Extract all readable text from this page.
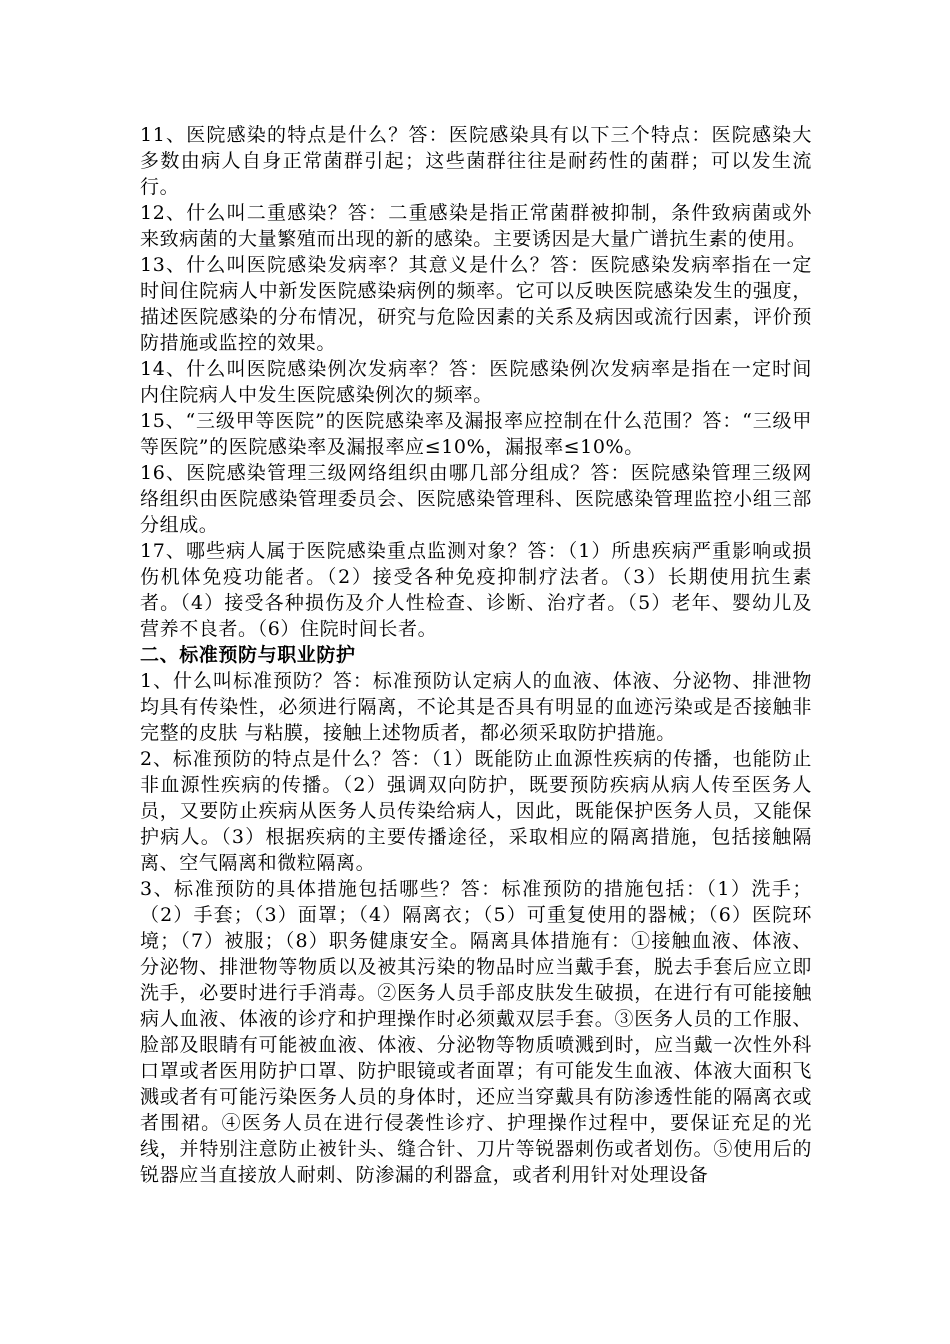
11、医院感染的特点是什么？答：医院感染具有以下三个特点：医院感染大多数由病人自身正常菌群引起；这些菌群往往是耐药性的菌群；可以发生流行。

12、什么叫二重感染？答：二重感染是指正常菌群被抑制，条件致病菌或外来致病菌的大量繁殖而出现的新的感染。主要诱因是大量广谱抗生素的使用。

13、什么叫医院感染发病率？其意义是什么？答：医院感染发病率指在一定时间住院病人中新发医院感染病例的频率。它可以反映医院感染发生的强度，描述医院感染的分布情况，研究与危险因素的关系及病因或流行因素，评价预防措施或监控的效果。

14、什么叫医院感染例次发病率？答：医院感染例次发病率是指在一定时间内住院病人中发生医院感染例次的频率。

15、“三级甲等医院”的医院感染率及漏报率应控制在什么范围？答：“三级甲等医院”的医院感染率及漏报率应≤10%，漏报率≤10%。

16、医院感染管理三级网络组织由哪几部分组成？答：医院感染管理三级网络组织由医院感染管理委员会、医院感染管理科、医院感染管理监控小组三部分组成。

17、哪些病人属于医院感染重点监测对象？答：（1）所患疾病严重影响或损伤机体免疫功能者。（2）接受各种免疫抑制疗法者。（3）长期使用抗生素者。（4）接受各种损伤及介人性检查、诊断、治疗者。（5）老年、婴幼儿及营养不良者。（6）住院时间长者。

二、标准预防与职业防护

1、什么叫标准预防？答：标准预防认定病人的血液、体液、分泌物、排泄物均具有传染性，必须进行隔离，不论其是否具有明显的血迹污染或是否接触非完整的皮肤 与粘膜，接触上述物质者，都必须采取防护措施。

2、标准预防的特点是什么？答：（1）既能防止血源性疾病的传播，也能防止非血源性疾病的传播。（2）强调双向防护，既要预防疾病从病人传至医务人员，又要防止疾病从医务人员传染给病人，因此，既能保护医务人员，又能保护病人。（3）根据疾病的主要传播途径，采取相应的隔离措施，包括接触隔离、空气隔离和微粒隔离。

3、标准预防的具体措施包括哪些？答：标准预防的措施包括：（1）洗手；（2）手套；（3）面罩；（4）隔离衣；（5）可重复使用的器械；（6）医院环境；（7）被服；（8）职务健康安全。隔离具体措施有：①接触血液、体液、分泌物、排泄物等物质以及被其污染的物品时应当戴手套，脱去手套后应立即洗手，必要时进行手消毒。②医务人员手部皮肤发生破损，在进行有可能接触病人血液、体液的诊疗和护理操作时必须戴双层手套。③医务人员的工作服、脸部及眼睛有可能被血液、体液、分泌物等物质喷溅到时，应当戴一次性外科口罩或者医用防护口罩、防护眼镜或者面罩；有可能发生血液、体液大面积飞溅或者有可能污染医务人员的身体时，还应当穿戴具有防渗透性能的隔离衣或者围裙。④医务人员在进行侵袭性诊疗、护理操作过程中，要保证充足的光线，并特别注意防止被针头、缝合针、刀片等锐器刺伤或者划伤。⑤使用后的锐器应当直接放人耐刺、防渗漏的利器盒，或者利用针对处理设备
